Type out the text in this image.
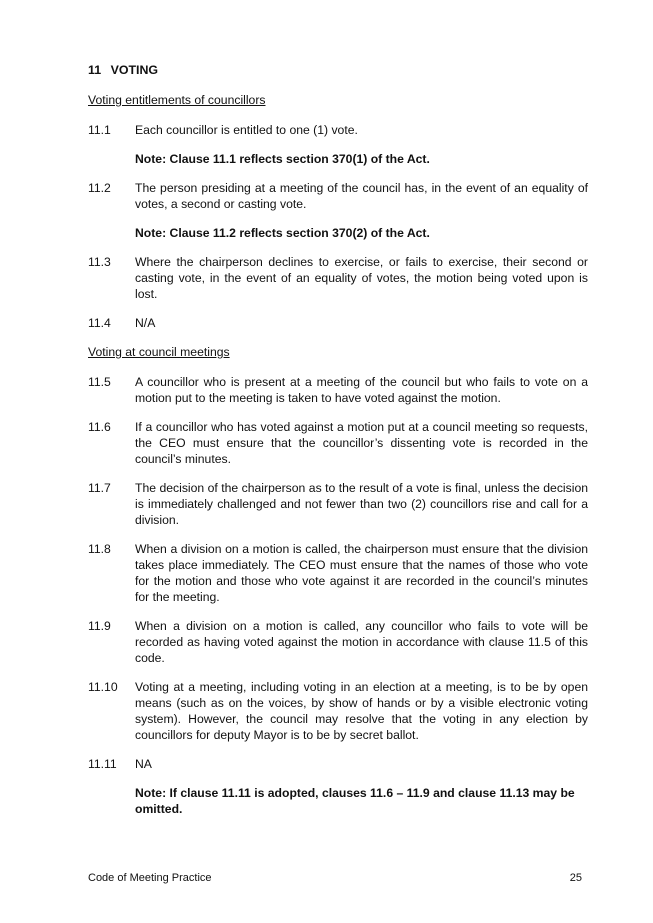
11 VOTING
Voting entitlements of councillors
11.1	Each councillor is entitled to one (1) vote.
Note: Clause 11.1 reflects section 370(1) of the Act.
11.2	The person presiding at a meeting of the council has, in the event of an equality of votes, a second or casting vote.
Note: Clause 11.2 reflects section 370(2) of the Act.
11.3	Where the chairperson declines to exercise, or fails to exercise, their second or casting vote, in the event of an equality of votes, the motion being voted upon is lost.
11.4	N/A
Voting at council meetings
11.5	A councillor who is present at a meeting of the council but who fails to vote on a motion put to the meeting is taken to have voted against the motion.
11.6	If a councillor who has voted against a motion put at a council meeting so requests, the CEO must ensure that the councillor’s dissenting vote is recorded in the council’s minutes.
11.7	The decision of the chairperson as to the result of a vote is final, unless the decision is immediately challenged and not fewer than two (2) councillors rise and call for a division.
11.8	When a division on a motion is called, the chairperson must ensure that the division takes place immediately. The CEO must ensure that the names of those who vote for the motion and those who vote against it are recorded in the council’s minutes for the meeting.
11.9	When a division on a motion is called, any councillor who fails to vote will be recorded as having voted against the motion in accordance with clause 11.5 of this code.
11.10	Voting at a meeting, including voting in an election at a meeting, is to be by open means (such as on the voices, by show of hands or by a visible electronic voting system). However, the council may resolve that the voting in any election by councillors for deputy Mayor is to be by secret ballot.
11.11	NA
Note: If clause 11.11 is adopted, clauses 11.6 – 11.9 and clause 11.13 may be omitted.
Code of Meeting Practice	25
